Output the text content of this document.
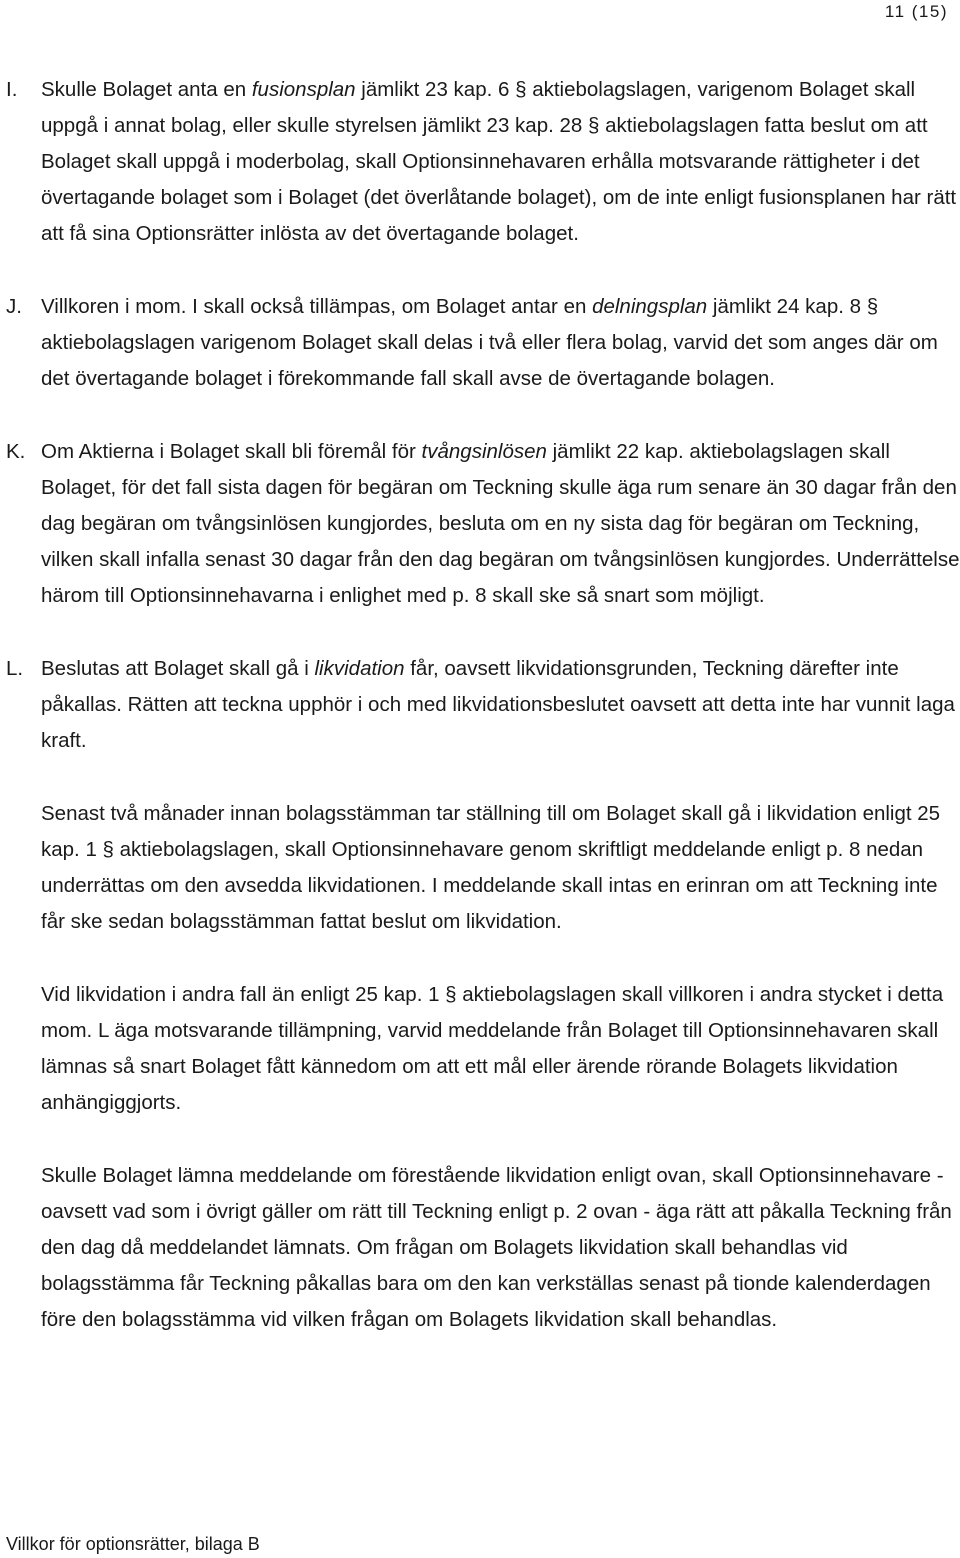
11 (15)
I. Skulle Bolaget anta en fusionsplan jämlikt 23 kap. 6 § aktiebolagslagen, varigenom Bolaget skall uppgå i annat bolag, eller skulle styrelsen jämlikt 23 kap. 28 § aktiebolagslagen fatta beslut om att Bolaget skall uppgå i moderbolag, skall Optionsinnehavaren erhålla motsvarande rättigheter i det övertagande bolaget som i Bolaget (det överlåtande bolaget), om de inte enligt fusionsplanen har rätt att få sina Optionsrätter inlösta av det övertagande bolaget.
J. Villkoren i mom. I skall också tillämpas, om Bolaget antar en delningsplan jämlikt 24 kap. 8 § aktiebolagslagen varigenom Bolaget skall delas i två eller flera bolag, varvid det som anges där om det övertagande bolaget i förekommande fall skall avse de övertagande bolagen.
K. Om Aktierna i Bolaget skall bli föremål för tvångsinlösen jämlikt 22 kap. aktiebolagslagen skall Bolaget, för det fall sista dagen för begäran om Teckning skulle äga rum senare än 30 dagar från den dag begäran om tvångsinlösen kungjordes, besluta om en ny sista dag för begäran om Teckning, vilken skall infalla senast 30 dagar från den dag begäran om tvångsinlösen kungjordes. Underrättelse härom till Optionsinnehavarna i enlighet med p. 8 skall ske så snart som möjligt.
L. Beslutas att Bolaget skall gå i likvidation får, oavsett likvidationsgrunden, Teckning därefter inte påkallas. Rätten att teckna upphör i och med likvidationsbeslutet oavsett att detta inte har vunnit laga kraft.

Senast två månader innan bolagsstämman tar ställning till om Bolaget skall gå i likvidation enligt 25 kap. 1 § aktiebolagslagen, skall Optionsinnehavare genom skriftligt meddelande enligt p. 8 nedan underrättas om den avsedda likvidationen. I meddelande skall intas en erinran om att Teckning inte får ske sedan bolagsstämman fattat beslut om likvidation.

Vid likvidation i andra fall än enligt 25 kap. 1 § aktiebolagslagen skall villkoren i andra stycket i detta mom. L äga motsvarande tillämpning, varvid meddelande från Bolaget till Optionsinnehavaren skall lämnas så snart Bolaget fått kännedom om att ett mål eller ärende rörande Bolagets likvidation anhängiggjorts.

Skulle Bolaget lämna meddelande om förestående likvidation enligt ovan, skall Optionsinnehavare - oavsett vad som i övrigt gäller om rätt till Teckning enligt p. 2 ovan - äga rätt att påkalla Teckning från den dag då meddelandet lämnats. Om frågan om Bolagets likvidation skall behandlas vid bolagsstämma får Teckning påkallas bara om den kan verkställas senast på tionde kalenderdagen före den bolagsstämma vid vilken frågan om Bolagets likvidation skall behandlas.

Villkor för optionsrätter, bilaga B
